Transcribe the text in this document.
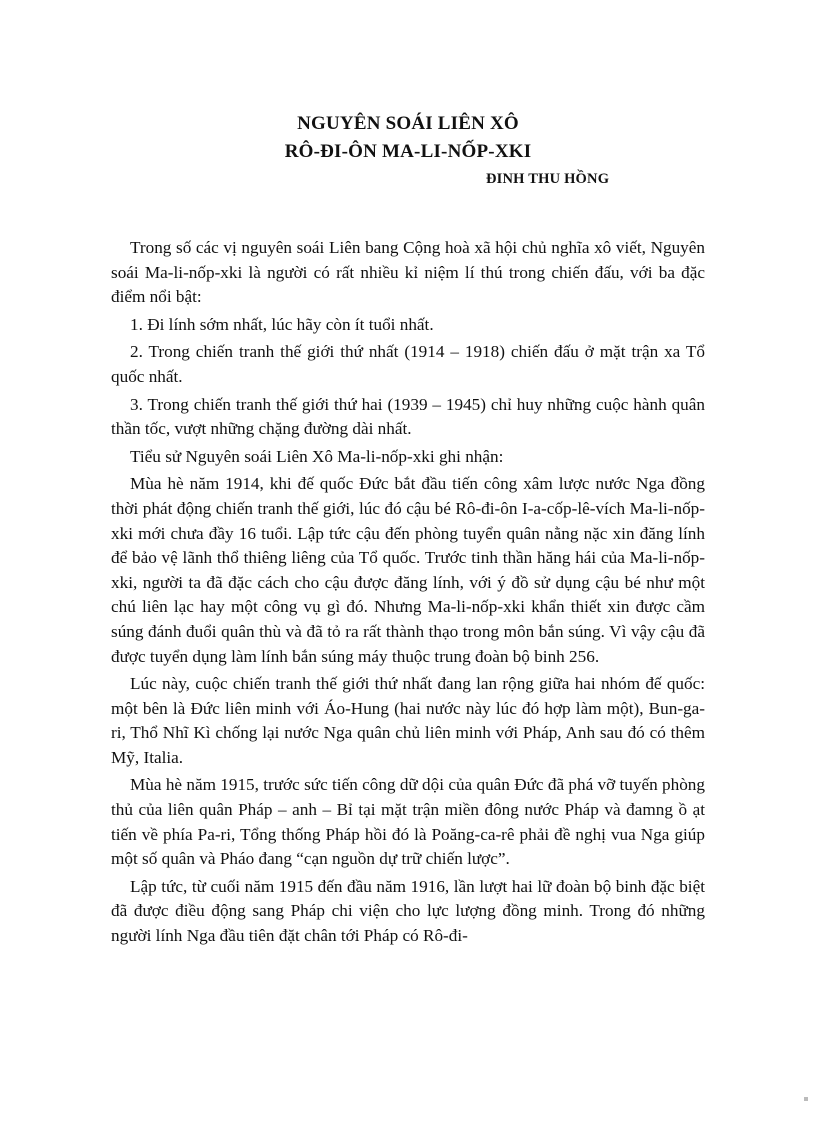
NGUYÊN SOÁI LIÊN XÔ
RÔ-ĐI-ÔN MA-LI-NỐP-XKI
ĐINH THU HỒNG

Trong số các vị nguyên soái Liên bang Cộng hoà xã hội chủ nghĩa xô viết, Nguyên soái Ma-li-nốp-xki là người có rất nhiều kỉ niệm lí thú trong chiến đấu, với ba đặc điểm nổi bật:

1. Đi lính sớm nhất, lúc hãy còn ít tuổi nhất.

2. Trong chiến tranh thế giới thứ nhất (1914 – 1918) chiến đấu ở mặt trận xa Tổ quốc nhất.

3. Trong chiến tranh thế giới thứ hai (1939 – 1945) chỉ huy những cuộc hành quân thần tốc, vượt những chặng đường dài nhất.

Tiểu sử Nguyên soái Liên Xô Ma-li-nốp-xki ghi nhận:

Mùa hè năm 1914, khi đế quốc Đức bắt đầu tiến công xâm lược nước Nga đồng thời phát động chiến tranh thế giới, lúc đó cậu bé Rô-đi-ôn I-a-cốp-lê-vích Ma-li-nốp-xki mới chưa đầy 16 tuổi. Lập tức cậu đến phòng tuyển quân nằng nặc xin đăng lính để bảo vệ lãnh thổ thiêng liêng của Tổ quốc. Trước tinh thần hăng hái của Ma-li-nốp-xki, người ta đã đặc cách cho cậu được đăng lính, với ý đồ sử dụng cậu bé như một chú liên lạc hay một công vụ gì đó. Nhưng Ma-li-nốp-xki khẩn thiết xin được cầm súng đánh đuổi quân thù và đã tỏ ra rất thành thạo trong môn bắn súng. Vì vậy cậu đã được tuyển dụng làm lính bắn súng máy thuộc trung đoàn bộ binh 256.

Lúc này, cuộc chiến tranh thế giới thứ nhất đang lan rộng giữa hai nhóm đế quốc: một bên là Đức liên minh với Áo-Hung (hai nước này lúc đó hợp làm một), Bun-ga-ri, Thổ Nhĩ Kì chống lại nước Nga quân chủ liên minh với Pháp, Anh sau đó có thêm Mỹ, Italia.

Mùa hè năm 1915, trước sức tiến công dữ dội của quân Đức đã phá vỡ tuyến phòng thủ của liên quân Pháp – anh – Bỉ tại mặt trận miền đông nước Pháp và đamng ồ ạt tiến về phía Pa-ri, Tổng thống Pháp hồi đó là Poăng-ca-rê phải đề nghị vua Nga giúp một số quân và Pháo đang “cạn nguồn dự trữ chiến lược”.

Lập tức, từ cuối năm 1915 đến đầu năm 1916, lần lượt hai lữ đoàn bộ binh đặc biệt đã được điều động sang Pháp chi viện cho lực lượng đồng minh. Trong đó những người lính Nga đầu tiên đặt chân tới Pháp có Rô-đi-
